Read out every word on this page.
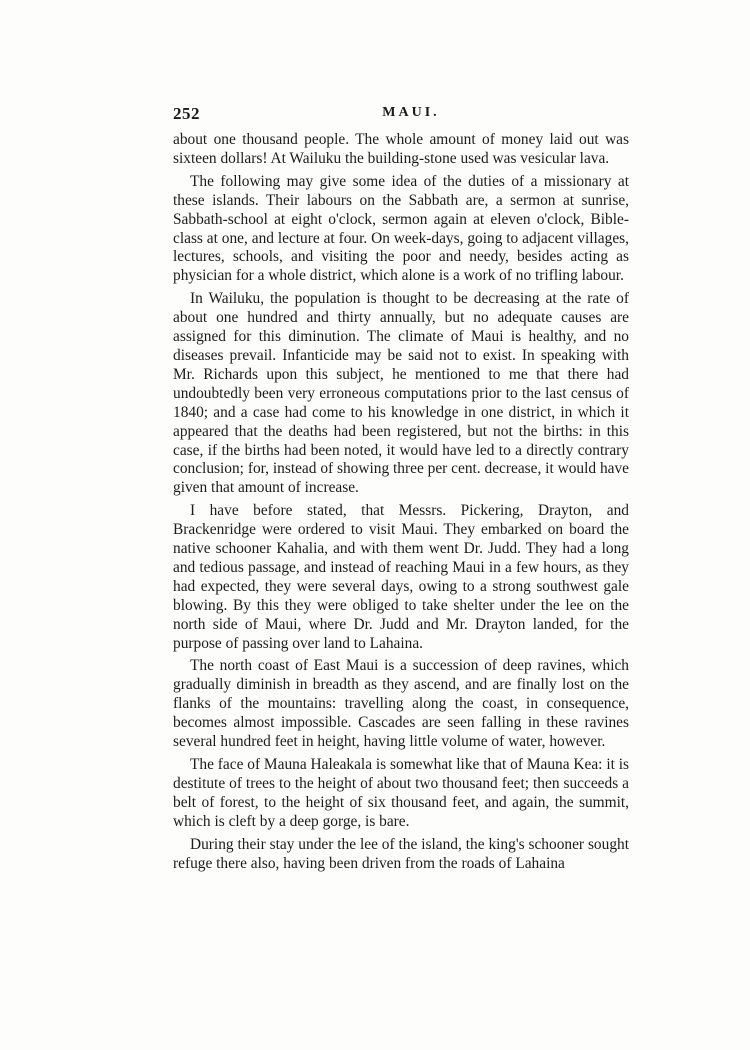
252	MAUI.

about one thousand people. The whole amount of money laid out was sixteen dollars! At Wailuku the building-stone used was vesicular lava.

The following may give some idea of the duties of a missionary at these islands. Their labours on the Sabbath are, a sermon at sunrise, Sabbath-school at eight o'clock, sermon again at eleven o'clock, Bible-class at one, and lecture at four. On week-days, going to adjacent villages, lectures, schools, and visiting the poor and needy, besides acting as physician for a whole district, which alone is a work of no trifling labour.

In Wailuku, the population is thought to be decreasing at the rate of about one hundred and thirty annually, but no adequate causes are assigned for this diminution. The climate of Maui is healthy, and no diseases prevail. Infanticide may be said not to exist. In speaking with Mr. Richards upon this subject, he mentioned to me that there had undoubtedly been very erroneous computations prior to the last census of 1840; and a case had come to his knowledge in one district, in which it appeared that the deaths had been registered, but not the births: in this case, if the births had been noted, it would have led to a directly contrary conclusion; for, instead of showing three per cent. decrease, it would have given that amount of increase.

I have before stated, that Messrs. Pickering, Drayton, and Brackenridge were ordered to visit Maui. They embarked on board the native schooner Kahalia, and with them went Dr. Judd. They had a long and tedious passage, and instead of reaching Maui in a few hours, as they had expected, they were several days, owing to a strong southwest gale blowing. By this they were obliged to take shelter under the lee on the north side of Maui, where Dr. Judd and Mr. Drayton landed, for the purpose of passing over land to Lahaina.

The north coast of East Maui is a succession of deep ravines, which gradually diminish in breadth as they ascend, and are finally lost on the flanks of the mountains: travelling along the coast, in consequence, becomes almost impossible. Cascades are seen falling in these ravines several hundred feet in height, having little volume of water, however.

The face of Mauna Haleakala is somewhat like that of Mauna Kea: it is destitute of trees to the height of about two thousand feet; then succeeds a belt of forest, to the height of six thousand feet, and again, the summit, which is cleft by a deep gorge, is bare.

During their stay under the lee of the island, the king's schooner sought refuge there also, having been driven from the roads of Lahaina
